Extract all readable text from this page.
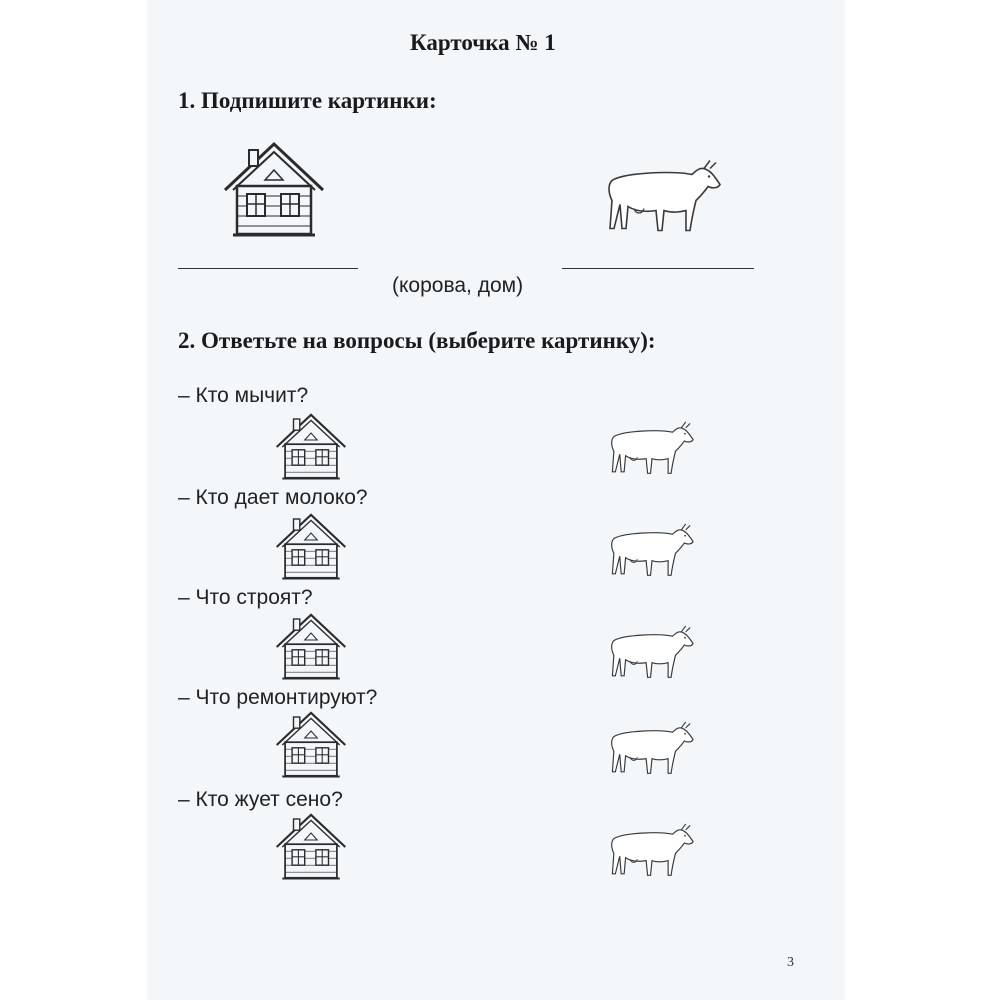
Карточка № 1
1. Подпишите картинки:
(корова, дом)
2. Ответьте на вопросы (выберите картинку):
– Кто мычит?
– Кто дает молоко?
– Что строят?
– Что ремонтируют?
– Кто жует сено?
3
